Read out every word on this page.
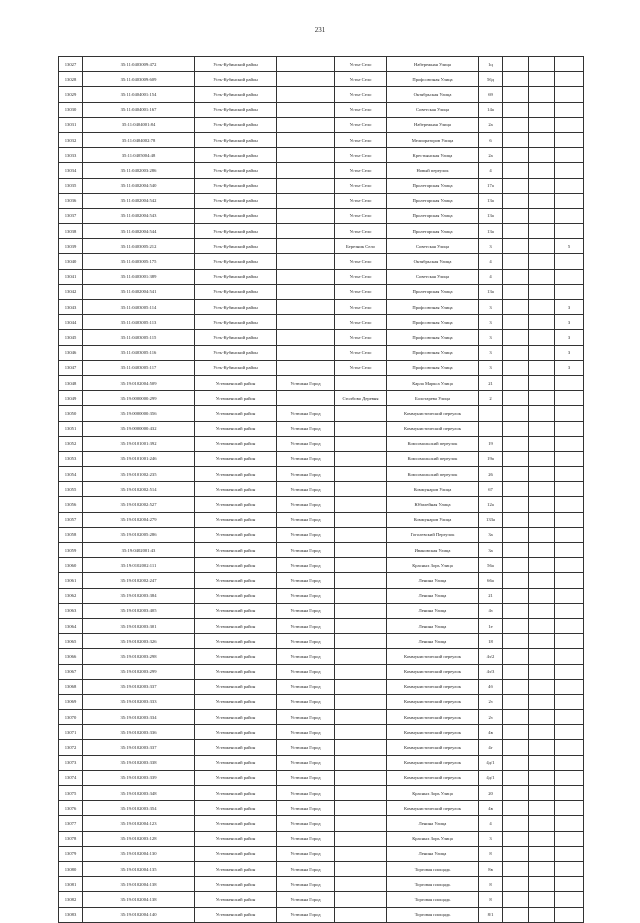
231
13027	35:11:0403009:472	Усть-Кубинский район		Устье Село	Набережная Улица	1ц			
13028	35:11:0403009:609	Усть-Кубинский район		Устье Село	Профсоюзная Улица	56д			
13029	35:11:0404001:154	Усть-Кубинский район		Устье Село	Октябрьская Улица	69			
13030	35:11:0404001:167	Усть-Кубинский район		Устье Село	Советская Улица	14а			
13031	35:11:0404001:84	Усть-Кубинский район		Устье Село	Набережная Улица	2а			
13032	35:11:0404002:78	Усть-Кубинский район		Устье Село	Мелиораторов Улица	6			
13033	35:11:0405004:48	Усть-Кубинский район		Устье Село	Крестьянская Улица	2а			
13034	35:11:0402003:286	Усть-Кубинский район		Устье Село	Новый переулок	4			
13035	35:11:0402004:540	Усть-Кубинский район		Устье Село	Пролетарская Улица	17а			
13036	35:11:0402004:542	Усть-Кубинский район		Устье Село	Пролетарская Улица	13а			
13037	35:11:0402004:543	Усть-Кубинский район		Устье Село	Пролетарская Улица	13а			
13038	35:11:0402004:544	Усть-Кубинский район		Устье Село	Пролетарская Улица	13а			
13039	35:11:0403005:212	Усть-Кубинский район		Березник Село	Советская Улица	3			5
13040	35:11:0403005:175	Усть-Кубинский район		Устье Село	Октябрьская Улица	4			
13041	35:11:0403001:389	Усть-Кубинский район		Устье Село	Советская Улица	4			
13042	35:11:0402004:541	Усть-Кубинский район		Устье Село	Пролетарская Улица	13а			
13043	35:11:0403005:114	Усть-Кубинский район		Устье Село	Профсоюзная Улица	3			3
13044	35:11:0403005:113	Усть-Кубинский район		Устье Село	Профсоюзная Улица	3			3
13045	35:11:0403005:115	Усть-Кубинский район		Устье Село	Профсоюзная Улица	3			3
13046	35:11:0403005:116	Усть-Кубинский район		Устье Село	Профсоюзная Улица	3			3
13047	35:11:0403005:117	Усть-Кубинский район		Устье Село	Профсоюзная Улица	3			3
13048	35:19:0102004:509	Устюженский район	Устюжна Город		Карла Маркса Улица	21			
13049	35:19:0000000:299	Устюженский район		Столбово Деревня	Болотарева Улица	2			
13050	35:19:0000000:356	Устюженский район	Устюжна Город		Коммунистический переулок				
13051	35:19:0000000:432	Устюженский район	Устюжна Город		Коммунистический переулок				
13052	35:19:0101001:392	Устюженский район	Устюжна Город		Комсомольский переулок	19			
13053	35:19:0101001:246	Устюженский район	Устюжна Город		Комсомольский переулок	19а			
13054	35:19:0101002:235	Устюженский район	Устюжна Город		Комсомольский переулок	26			
13055	35:19:0102002:514	Устюженский район	Устюжна Город		Коммунаров Улица	67			
13056	35:19:0102002:527	Устюженский район	Устюжна Город		Юбилейная Улица	12а			
13057	35:19:0102004:279	Устюженский район	Устюжна Город		Коммунаров Улица	133а			
13058	35:19:0102005:286	Устюженский район	Устюжна Город		Гоголевский Переулок	3а			
13059	35:19:0402001:43	Устюженский район	Устюжна Город		Ивановская Улица	3а			
13060	35:19:0102002:111	Устюженский район	Устюжна Город		Красных Зорь Улица	56а			
13061	35:19:0102002:247	Устюженский район	Устюжна Город		Ленина Улица	66а			
13062	35:19:0102003:384	Устюженский район	Устюжна Город		Ленина Улица	21			
13063	35:19:0102003:405	Устюженский район	Устюжна Город		Ленина Улица	4з			
13064	35:19:0102003:301	Устюженский район	Устюжна Город		Ленина Улица	1е			
13065	35:19:0102003:326	Устюженский район	Устюжна Город		Ленина Улица	18			
13066	35:19:0102003:298	Устюженский район	Устюжна Город		Коммунистический переулок	4з/2			
13067	35:19:0102003:299	Устюженский район	Устюжна Город		Коммунистический переулок	4з/3			
13068	35:19:0102003:337	Устюженский район	Устюжна Город		Коммунистический переулок	4б			
13069	35:19:0102003:333	Устюженский район	Устюжна Город		Коммунистический переулок	2з			
13070	35:19:0102003:334	Устюженский район	Устюжна Город		Коммунистический переулок	2з			
13071	35:19:0102003:336	Устюженский район	Устюжна Город		Коммунистический переулок	4в			
13072	35:19:0102003:337	Устюженский район	Устюжна Город		Коммунистический переулок	4г			
13073	35:19:0102003:338	Устюженский район	Устюжна Город		Коммунистический переулок	4д/1			
13074	35:19:0102003:339	Устюженский район	Устюжна Город		Коммунистический переулок	4д/1			
13075	35:19:0102003:348	Устюженский район	Устюжна Город		Красных Зорь Улица	20			
13076	35:19:0102003:354	Устюженский район	Устюжна Город		Коммунистический переулок	4в			
13077	35:19:0102004:123	Устюженский район	Устюжна Город		Ленина Улица	4			
13078	35:19:0102003:128	Устюженский район	Устюжна Город		Красных Зорь Улица	3			
13079	35:19:0102004:130	Устюженский район	Устюжна Город		Ленина Улица	8			
13080	35:19:0102004:135	Устюженский район	Устюжна Город		Торговая площадь	8в			
13081	35:19:0102004:138	Устюженский район	Устюжна Город		Торговая площадь	8			
13082	35:19:0102004:138	Устюженский район	Устюжна Город		Торговая площадь	8			
13083	35:19:0102004:140	Устюженский район	Устюжна Город		Торговая площадь	8/1			
